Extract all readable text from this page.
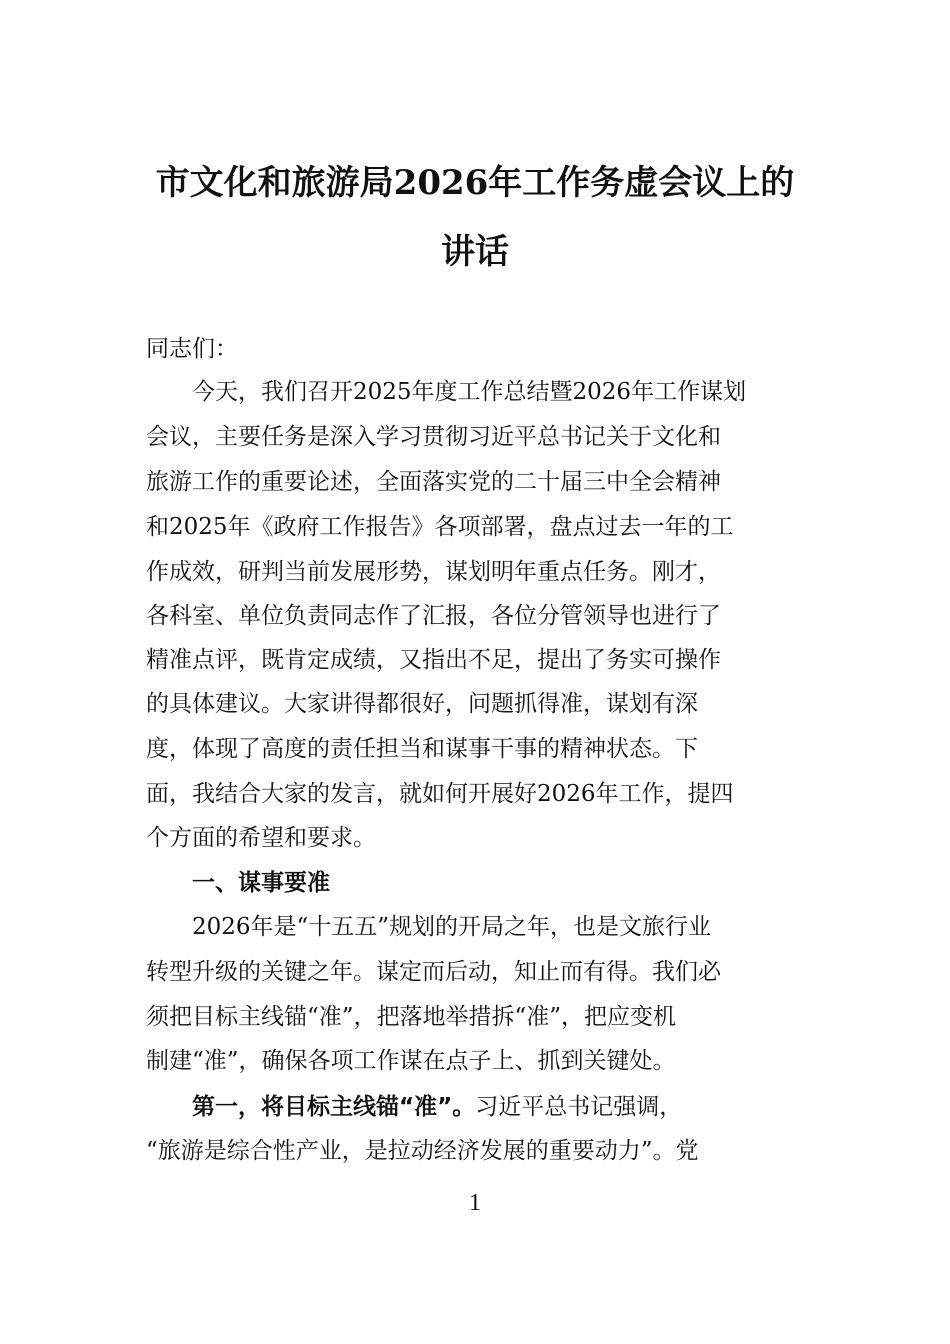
市文化和旅游局2026年工作务虚会议上的
讲话
同志们：
今天，我们召开2025年度工作总结暨2026年工作谋划
会议，主要任务是深入学习贯彻习近平总书记关于文化和
旅游工作的重要论述，全面落实党的二十届三中全会精神
和2025年《政府工作报告》各项部署，盘点过去一年的工
作成效，研判当前发展形势，谋划明年重点任务。刚才，
各科室、单位负责同志作了汇报，各位分管领导也进行了
精准点评，既肯定成绩，又指出不足，提出了务实可操作
的具体建议。大家讲得都很好，问题抓得准，谋划有深
度，体现了高度的责任担当和谋事干事的精神状态。下
面，我结合大家的发言，就如何开展好2026年工作，提四
个方面的希望和要求。
一、谋事要准
2026年是“十五五”规划的开局之年，也是文旅行业
转型升级的关键之年。谋定而后动，知止而有得。我们必
须把目标主线锚“准”，把落地举措拆“准”，把应变机
制建“准”，确保各项工作谋在点子上、抓到关键处。
第一，将目标主线锚“准”。习近平总书记强调，
“旅游是综合性产业，是拉动经济发展的重要动力”。党
1
